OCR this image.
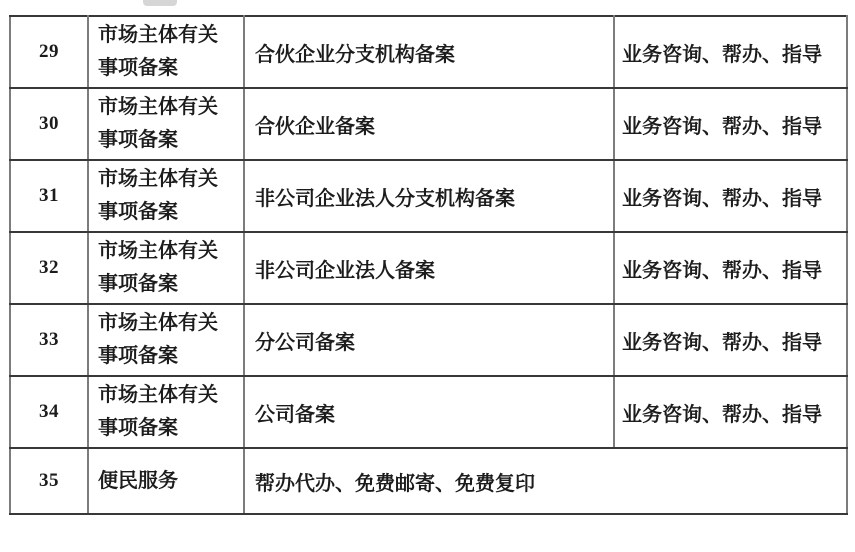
29	市场主体有关事项备案	合伙企业分支机构备案	业务咨询、帮办、指导
30	市场主体有关事项备案	合伙企业备案	业务咨询、帮办、指导
31	市场主体有关事项备案	非公司企业法人分支机构备案	业务咨询、帮办、指导
32	市场主体有关事项备案	非公司企业法人备案	业务咨询、帮办、指导
33	市场主体有关事项备案	分公司备案	业务咨询、帮办、指导
34	市场主体有关事项备案	公司备案	业务咨询、帮办、指导
35	便民服务	帮办代办、免费邮寄、免费复印	
